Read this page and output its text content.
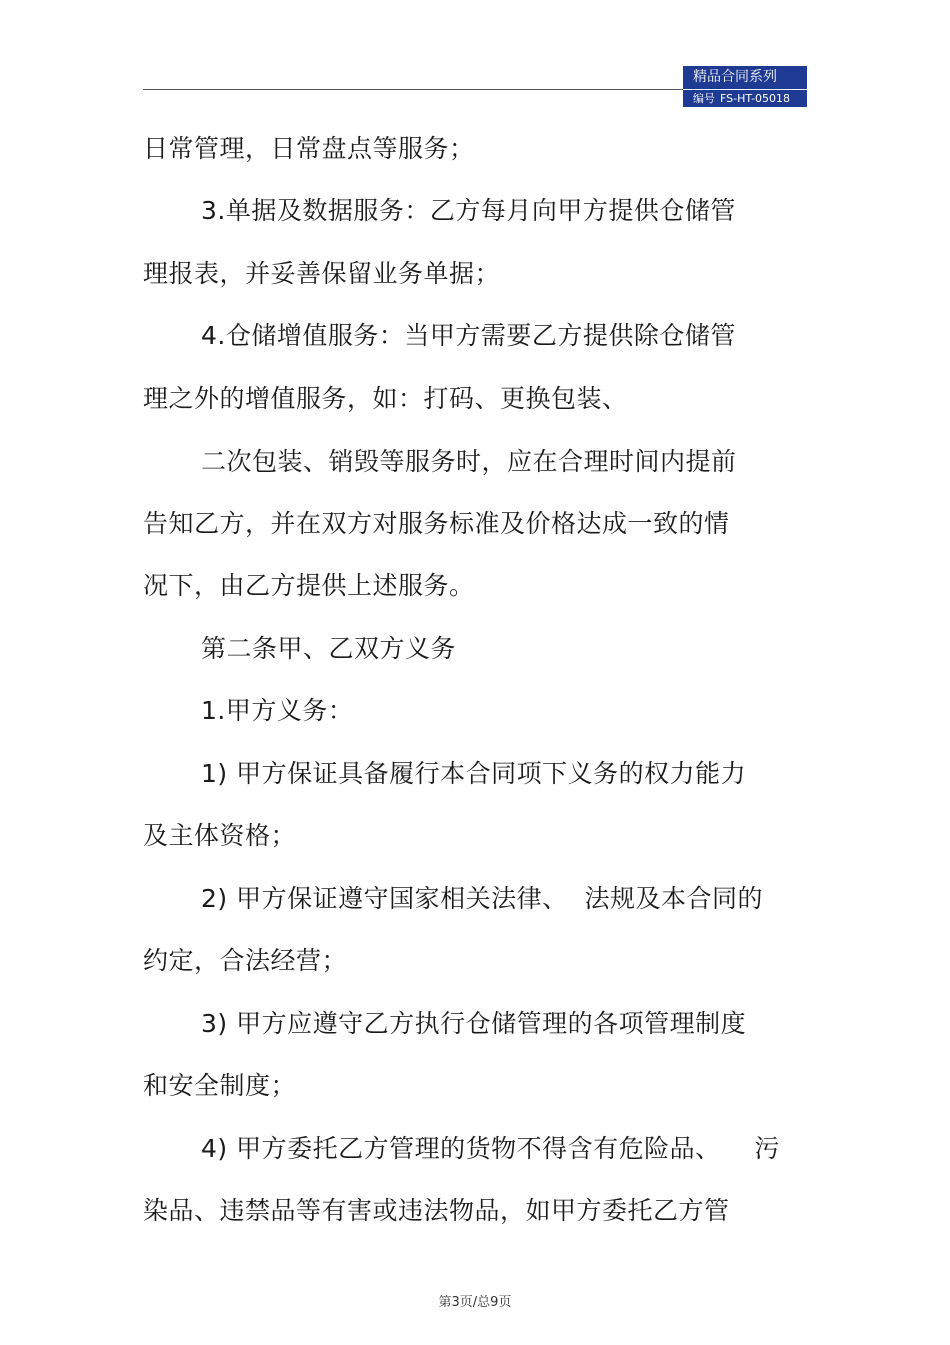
精品合同系列
编号 FS-HT-05018
日常管理，日常盘点等服务；
3.单据及数据服务：乙方每月向甲方提供仓储管
理报表，并妥善保留业务单据；
4.仓储增值服务：当甲方需要乙方提供除仓储管
理之外的增值服务，如：打码、更换包装、
二次包装、销毁等服务时，应在合理时间内提前
告知乙方，并在双方对服务标准及价格达成一致的情
况下，由乙方提供上述服务。
第二条甲、乙双方义务
1.甲方义务：
1) 甲方保证具备履行本合同项下义务的权力能力
及主体资格；
2) 甲方保证遵守国家相关法律、  法规及本合同的
约定，合法经营；
3) 甲方应遵守乙方执行仓储管理的各项管理制度
和安全制度；
4) 甲方委托乙方管理的货物不得含有危险品、    污
染品、违禁品等有害或违法物品，如甲方委托乙方管
第3页/总9页
